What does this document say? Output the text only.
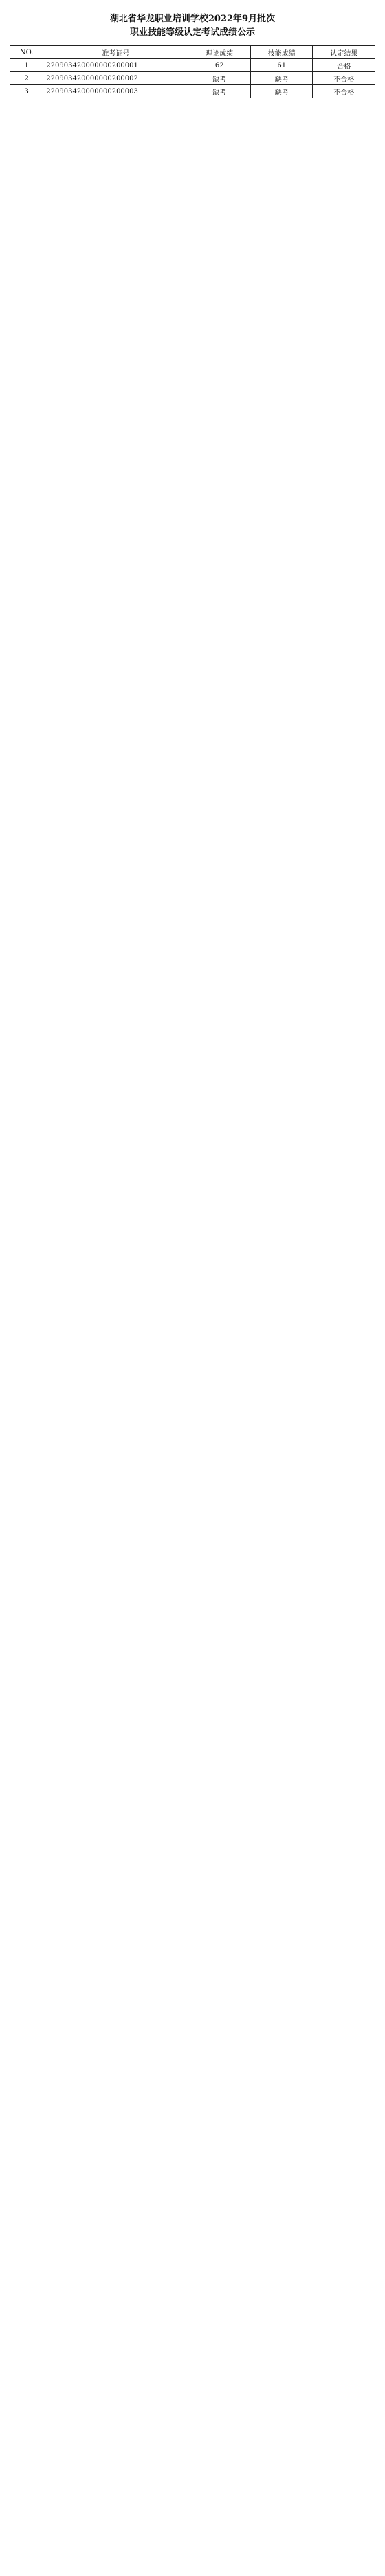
湖北省华龙职业培训学校2022年9月批次
职业技能等级认定考试成绩公示
NO.	准考证号	理论成绩	技能成绩	认定结果
1	220903420000000200001	62	61	合格
2	220903420000000200002	缺考	缺考	不合格
3	220903420000000200003	缺考	缺考	不合格
